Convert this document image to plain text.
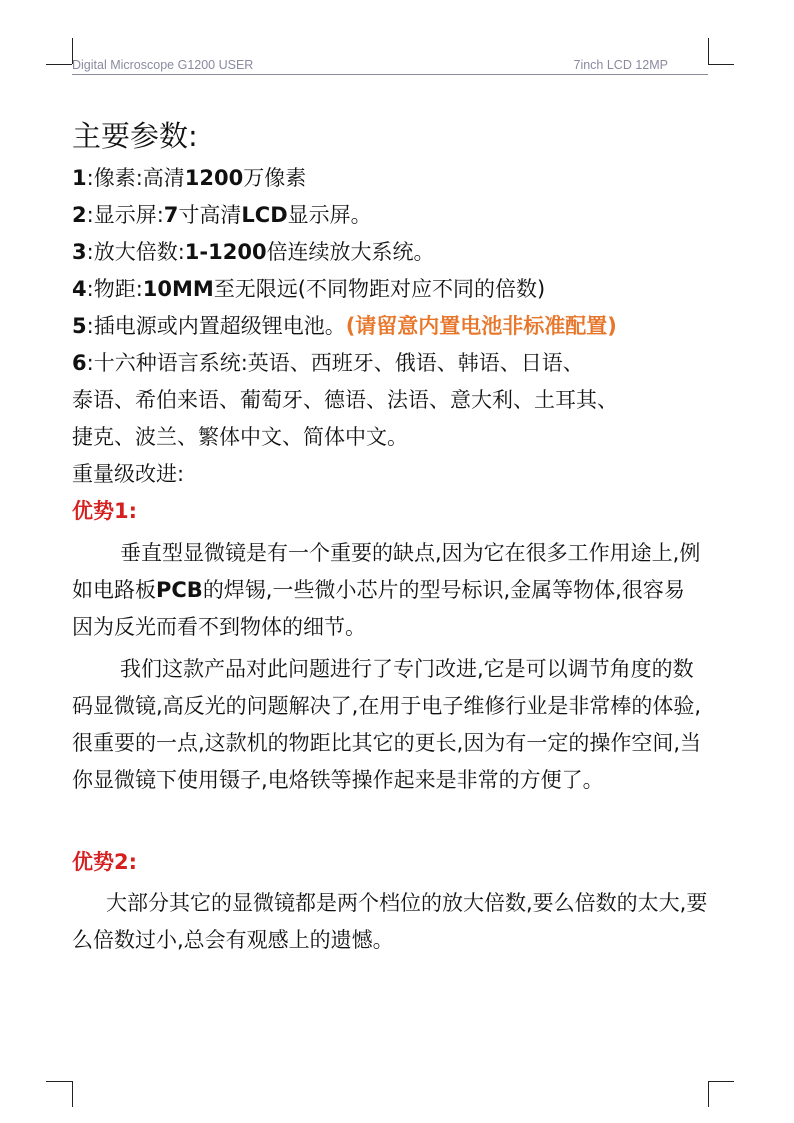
Digital Microscope G1200 USER	7inch LCD 12MP
主要参数:
1:像素:高清1200万像素
2:显示屏:7寸高清LCD显示屏。
3:放大倍数:1-1200倍连续放大系统。
4:物距:10MM至无限远(不同物距对应不同的倍数)
5:插电源或内置超级锂电池。(请留意内置电池非标准配置)
6:十六种语言系统:英语、西班牙、俄语、韩语、日语、
泰语、希伯来语、葡萄牙、德语、法语、意大利、土耳其、
捷克、波兰、繁体中文、简体中文。
重量级改进:
优势1:

垂直型显微镜是有一个重要的缺点,因为它在很多工作用途上,例如电路板PCB的焊锡,一些微小芯片的型号标识,金属等物体,很容易因为反光而看不到物体的细节。

我们这款产品对此问题进行了专门改进,它是可以调节角度的数码显微镜,高反光的问题解决了,在用于电子维修行业是非常棒的体验,很重要的一点,这款机的物距比其它的更长,因为有一定的操作空间,当你显微镜下使用镊子,电烙铁等操作起来是非常的方便了。

优势2:

大部分其它的显微镜都是两个档位的放大倍数,要么倍数的太大,要么倍数过小,总会有观感上的遗憾。
